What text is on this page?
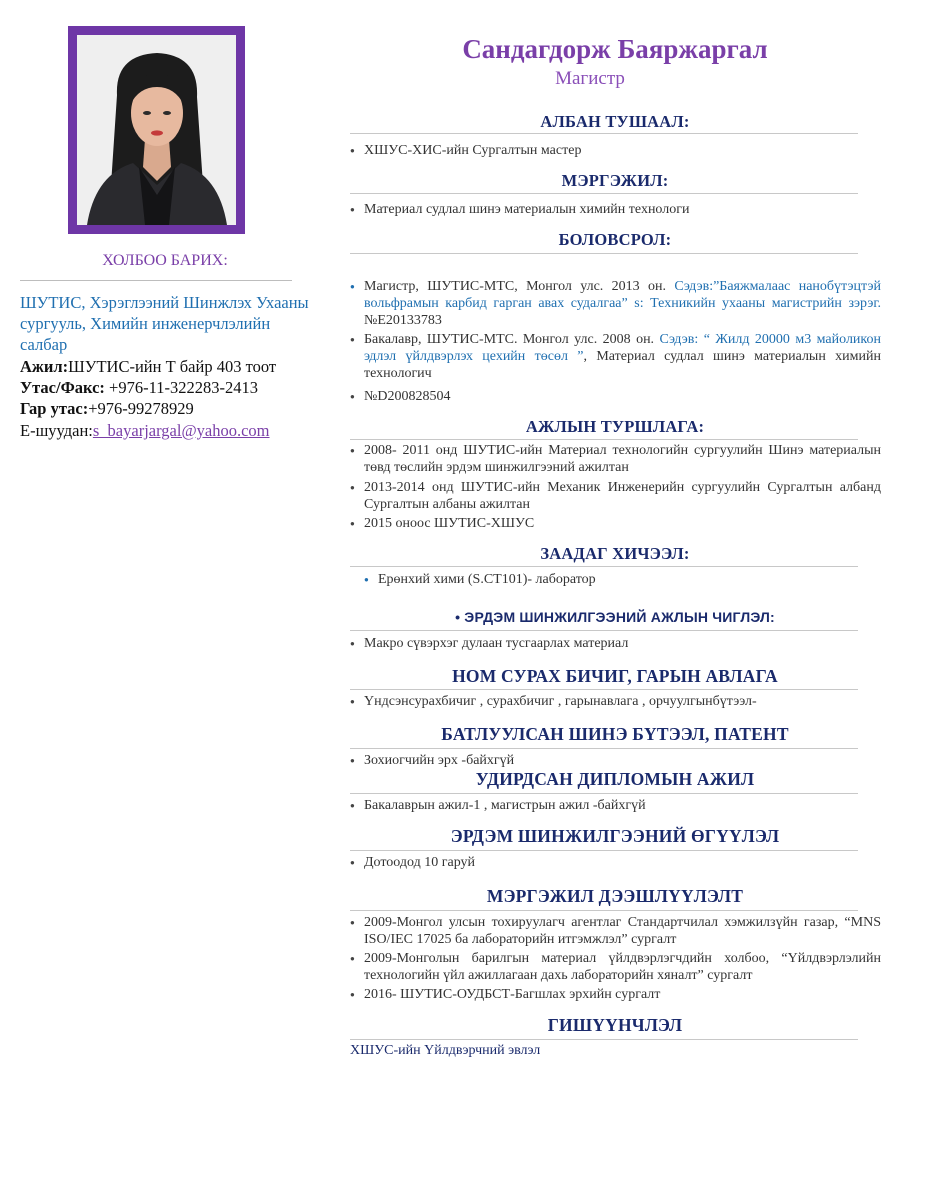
ХОЛБОО БАРИХ:
ШУТИС, Хэрэглээний Шинжлэх Ухааны сургууль, Химийн инженерчлэлийн салбар
Ажил:ШУТИС-ийн Т байр 403 тоот
Утас/Факс: +976-11-322283-2413
Гар утас:+976-99278929
Е-шуудан:s_bayarjargal@yahoo.com
Сандагдорж Баяржаргал
Магистр
АЛБАН ТУШААЛ:
● ХШУС-ХИС-ийн Сургалтын мастер
МЭРГЭЖИЛ:
● Материал судлал шинэ материалын химийн технологи
БОЛОВСРОЛ:
● Магистр, ШУТИС-МТС, Монгол улс. 2013 он. Сэдэв:”Баяжмалаас нанобүтэцтэй вольфрамын карбид гарган авах судалгаа” s: Техникийн ухааны магистрийн зэрэг.№E20133783
● Бакалавр, ШУТИС-МТС. Монгол улс. 2008 он. Сэдэв: “ Жилд 20000 м3 майоликон эдлэл үйлдвэрлэх цехийн төсөл ”, Материал судлал шинэ материалын химийн технологич
● №D200828504
АЖЛЫН ТУРШЛАГА:
● 2008- 2011 онд ШУТИС-ийн Материал технологийн сургуулийн Шинэ материалын төвд төслийн эрдэм шинжилгээний ажилтан
● 2013-2014 онд ШУТИС-ийн Механик Инженерийн сургуулийн Сургалтын албанд Сургалтын албаны ажилтан
● 2015 оноос ШУТИС-ХШУС
ЗААДАГ ХИЧЭЭЛ:
● Ерөнхий хими (S.CT101)- лаборатор
• ЭРДЭМ ШИНЖИЛГЭЭНИЙ АЖЛЫН ЧИГЛЭЛ:
● Макро сүвэрхэг дулаан тусгаарлах материал
НОМ СУРАХ БИЧИГ, ГАРЫН АВЛАГА
● Үндсэнсурахбичиг , сурахбичиг , гарынавлага , орчуулгынбүтээл-
БАТЛУУЛСАН ШИНЭ БҮТЭЭЛ, ПАТЕНТ
● Зохиогчийн эрх -байхгүй
УДИРДСАН ДИПЛОМЫН АЖИЛ
● Бакалаврын ажил-1 , магистрын ажил -байхгүй
ЭРДЭМ ШИНЖИЛГЭЭНИЙ ӨГҮҮЛЭЛ
● Дотоодод 10 гаруй
МЭРГЭЖИЛ ДЭЭШЛҮҮЛЭЛТ
● 2009-Монгол улсын тохируулагч агентлаг Стандартчилал хэмжилзүйн газар, “MNS ISO/IEC 17025 ба лабораторийн итгэмжлэл” сургалт
● 2009-Монголын барилгын материал үйлдвэрлэгчдийн холбоо, “Үйлдвэрлэлийн технологийн үйл ажиллагаан дахь лабораторийн хяналт” сургалт
● 2016- ШУТИС-ОУДБСТ-Багшлах эрхийн сургалт
ГИШҮҮНЧЛЭЛ
ХШУС-ийн Үйлдвэрчний эвлэл
